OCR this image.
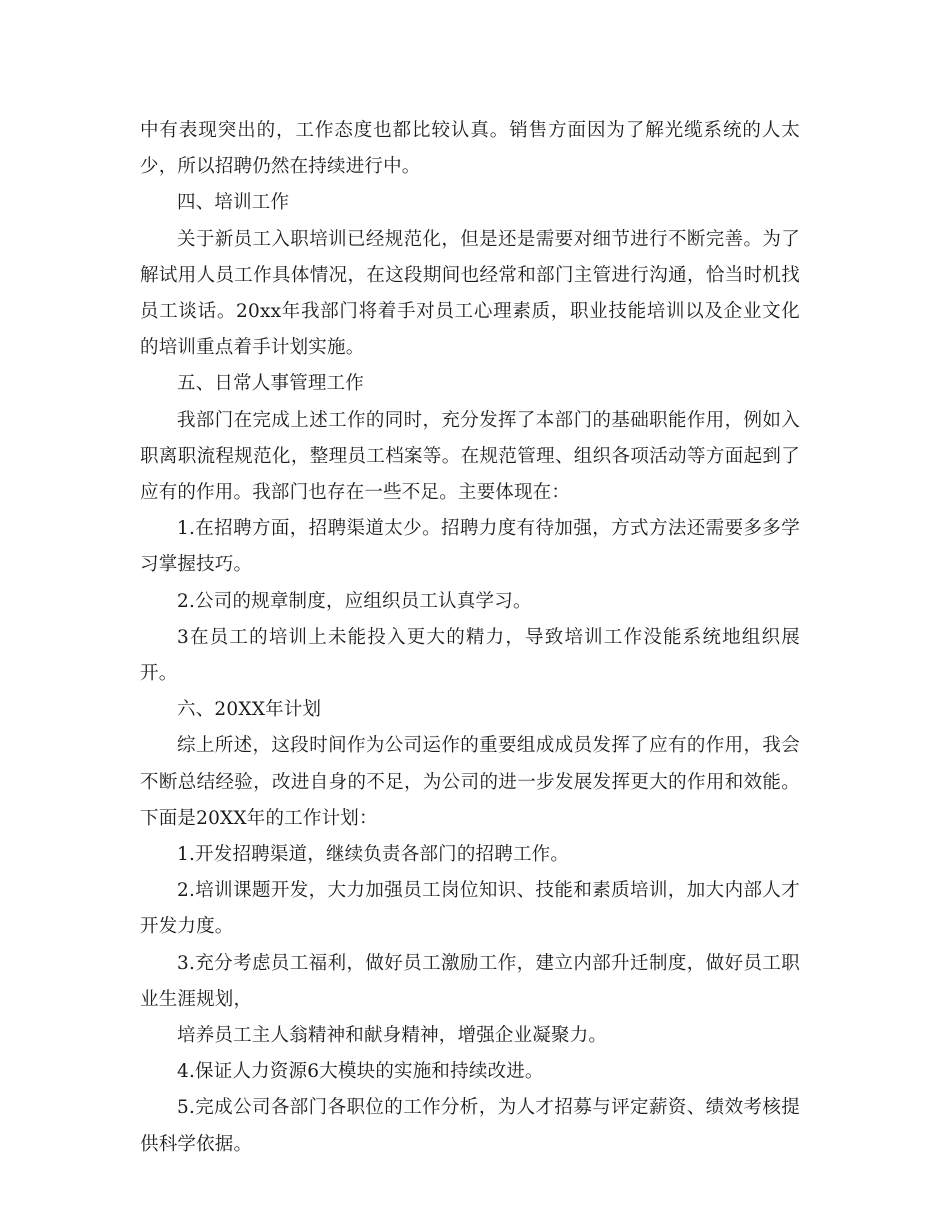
中有表现突出的，工作态度也都比较认真。销售方面因为了解光缆系统的人太少，所以招聘仍然在持续进行中。

四、培训工作

关于新员工入职培训已经规范化，但是还是需要对细节进行不断完善。为了解试用人员工作具体情况，在这段期间也经常和部门主管进行沟通，恰当时机找员工谈话。20xx年我部门将着手对员工心理素质，职业技能培训以及企业文化的培训重点着手计划实施。

五、日常人事管理工作

我部门在完成上述工作的同时，充分发挥了本部门的基础职能作用，例如入职离职流程规范化，整理员工档案等。在规范管理、组织各项活动等方面起到了应有的作用。我部门也存在一些不足。主要体现在：

1.在招聘方面，招聘渠道太少。招聘力度有待加强，方式方法还需要多多学习掌握技巧。

2.公司的规章制度，应组织员工认真学习。

3在员工的培训上未能投入更大的精力，导致培训工作没能系统地组织展开。

六、20XX年计划

综上所述，这段时间作为公司运作的重要组成成员发挥了应有的作用，我会不断总结经验，改进自身的不足，为公司的进一步发展发挥更大的作用和效能。下面是20XX年的工作计划：

1.开发招聘渠道，继续负责各部门的招聘工作。

2.培训课题开发，大力加强员工岗位知识、技能和素质培训，加大内部人才开发力度。

3.充分考虑员工福利，做好员工激励工作，建立内部升迁制度，做好员工职业生涯规划，

培养员工主人翁精神和献身精神，增强企业凝聚力。

4.保证人力资源6大模块的实施和持续改进。

5.完成公司各部门各职位的工作分析，为人才招募与评定薪资、绩效考核提供科学依据。
